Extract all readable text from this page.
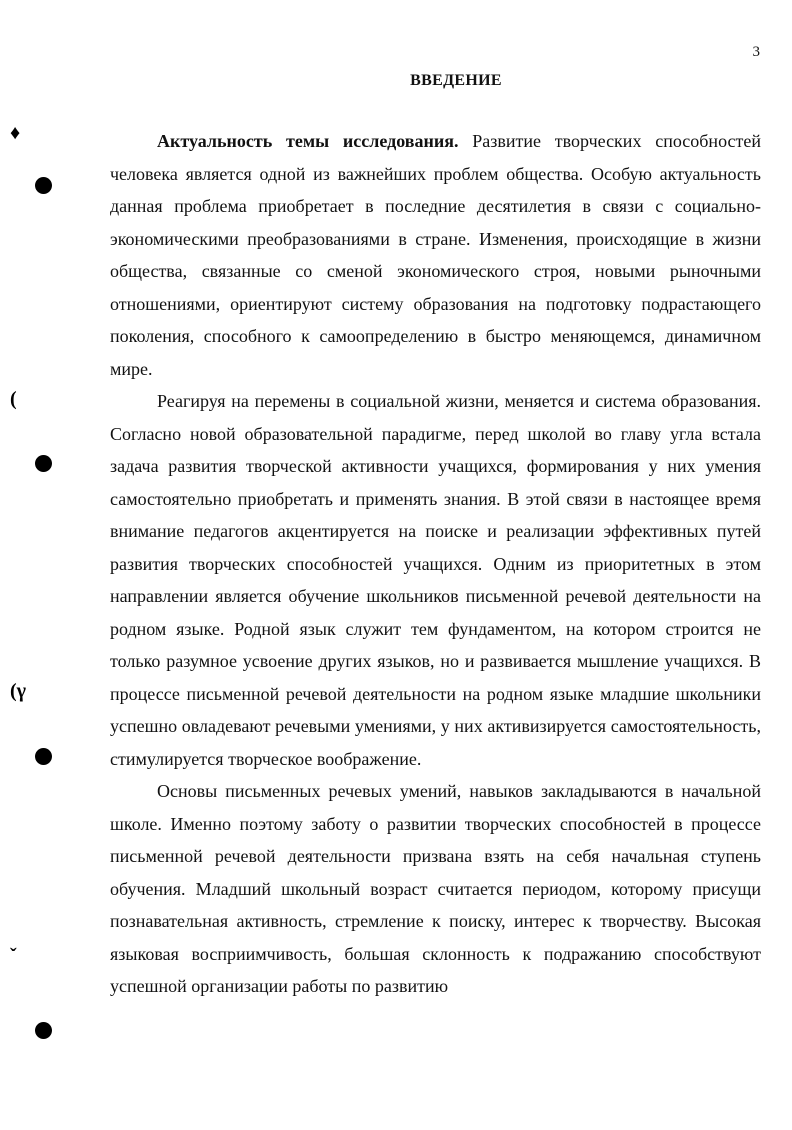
3
ВВЕДЕНИЕ
♦
(
(γ
ˇ

Актуальность темы исследования. Развитие творческих способностей человека является одной из важнейших проблем общества. Особую актуальность данная проблема приобретает в последние десятилетия в связи с социально-экономическими преобразованиями в стране. Изменения, происходящие в жизни общества, связанные со сменой экономического строя, новыми рыночными отношениями, ориентируют систему образования на подготовку подрастающего поколения, способного к самоопределению в быстро меняющемся, динамичном мире.

Реагируя на перемены в социальной жизни, меняется и система образования. Согласно новой образовательной парадигме, перед школой во главу угла встала задача развития творческой активности учащихся, формирования у них умения самостоятельно приобретать и применять знания. В этой связи в настоящее время внимание педагогов акцентируется на поиске и реализации эффективных путей развития творческих способностей учащихся. Одним из приоритетных в этом направлении является обучение школьников письменной речевой деятельности на родном языке. Родной язык служит тем фундаментом, на котором строится не только разумное усвоение других языков, но и развивается мышление учащихся. В процессе письменной речевой деятельности на родном языке младшие школьники успешно овладевают речевыми умениями, у них активизируется самостоятельность, стимулируется творческое воображение.

Основы письменных речевых умений, навыков закладываются в начальной школе. Именно поэтому заботу о развитии творческих способностей в процессе письменной речевой деятельности призвана взять на себя начальная ступень обучения. Младший школьный возраст считается периодом, которому присущи познавательная активность, стремление к поиску, интерес к творчеству. Высокая языковая восприимчивость, большая склонность к подражанию способствуют успешной организации работы по развитию
